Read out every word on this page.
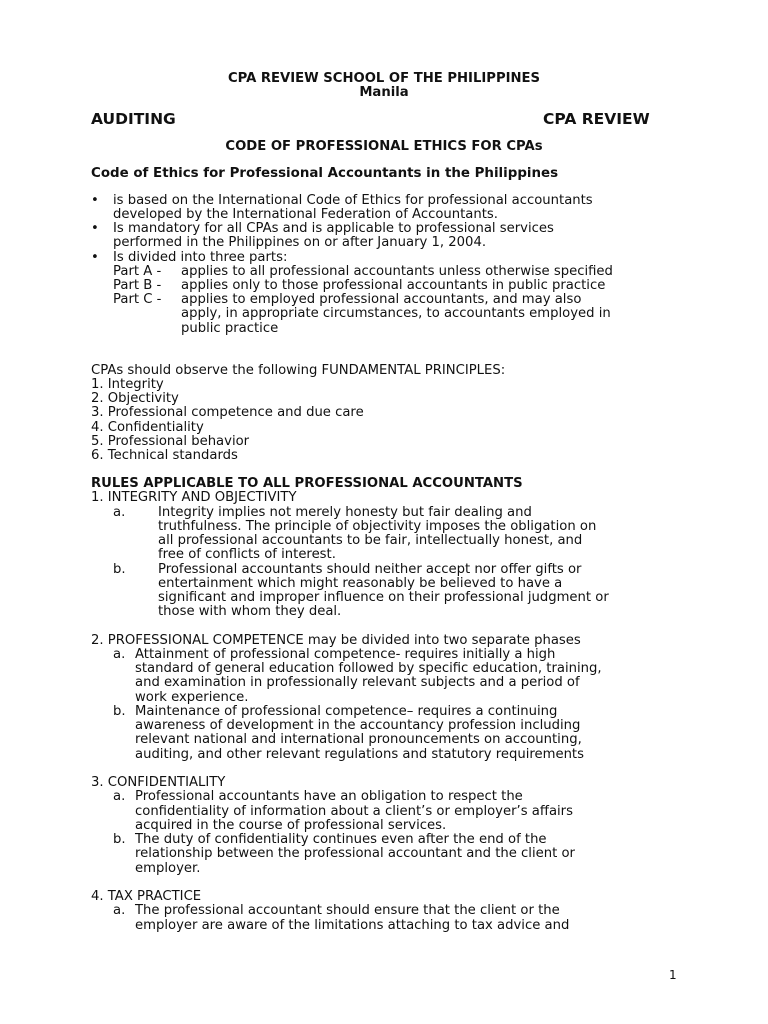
CPA REVIEW SCHOOL OF THE PHILIPPINES
Manila
AUDITING	CPA REVIEW
CODE OF PROFESSIONAL ETHICS FOR CPAs
Code of Ethics for Professional Accountants in the Philippines
• is based on the International Code of Ethics for professional accountants
developed by the International Federation of Accountants.
• Is mandatory for all CPAs and is applicable to professional services
performed in the Philippines on or after January 1, 2004.
• Is divided into three parts:
Part A - applies to all professional accountants unless otherwise specified
Part B - applies only to those professional accountants in public practice
Part C - applies to employed professional accountants, and may also
apply, in appropriate circumstances, to accountants employed in
public practice
CPAs should observe the following FUNDAMENTAL PRINCIPLES:
1. Integrity
2. Objectivity
3. Professional competence and due care
4. Confidentiality
5. Professional behavior
6. Technical standards
RULES APPLICABLE TO ALL PROFESSIONAL ACCOUNTANTS
1. INTEGRITY AND OBJECTIVITY
a. Integrity implies not merely honesty but fair dealing and
truthfulness. The principle of objectivity imposes the obligation on
all professional accountants to be fair, intellectually honest, and
free of conflicts of interest.
b. Professional accountants should neither accept nor offer gifts or
entertainment which might reasonably be believed to have a
significant and improper influence on their professional judgment or
those with whom they deal.
2. PROFESSIONAL COMPETENCE may be divided into two separate phases
a. Attainment of professional competence- requires initially a high
standard of general education followed by specific education, training,
and examination in professionally relevant subjects and a period of
work experience.
b. Maintenance of professional competence– requires a continuing
awareness of development in the accountancy profession including
relevant national and international pronouncements on accounting,
auditing, and other relevant regulations and statutory requirements
3. CONFIDENTIALITY
a. Professional accountants have an obligation to respect the
confidentiality of information about a client’s or employer’s affairs
acquired in the course of professional services.
b. The duty of confidentiality continues even after the end of the
relationship between the professional accountant and the client or
employer.
4. TAX PRACTICE
a. The professional accountant should ensure that the client or the
employer are aware of the limitations attaching to tax advice and
1
